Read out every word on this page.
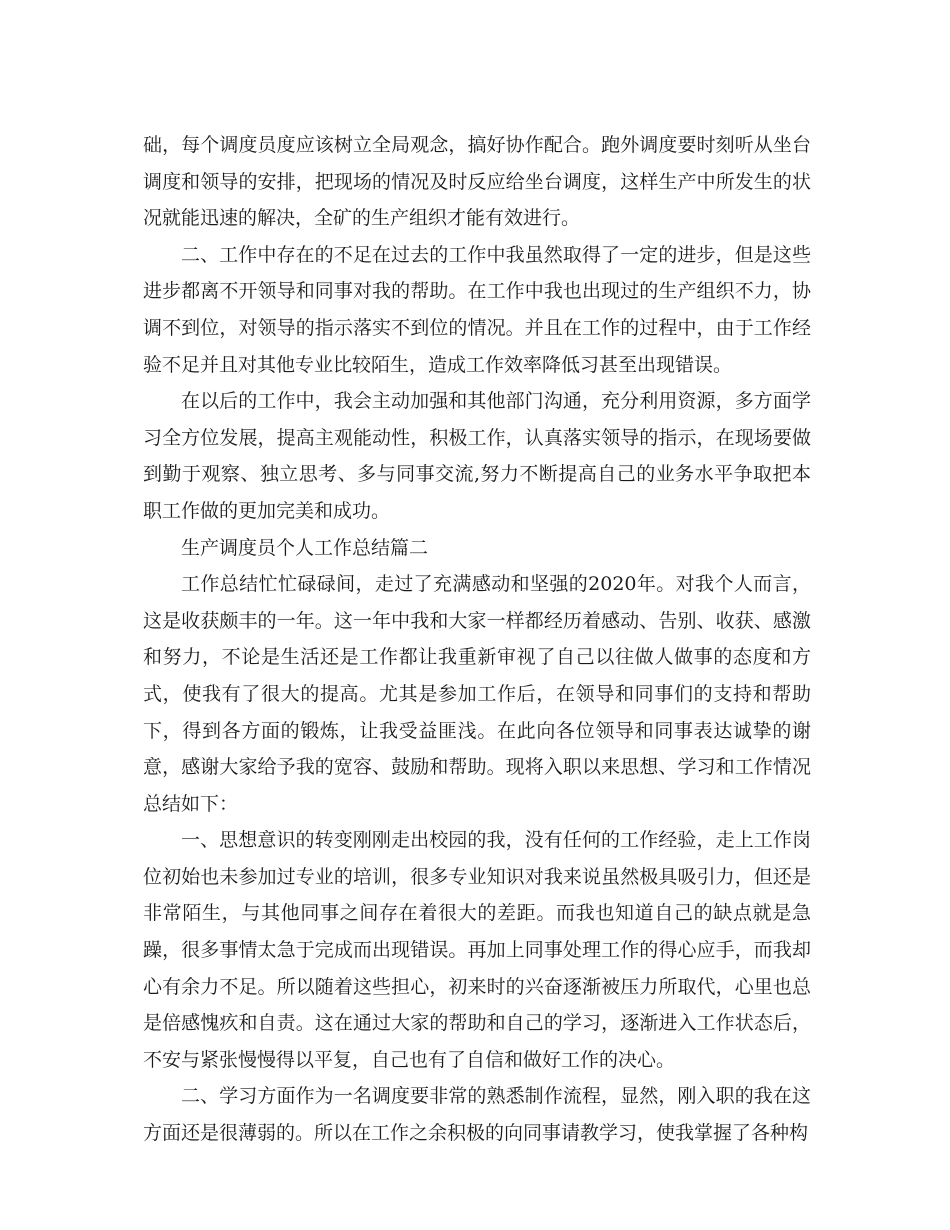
础，每个调度员度应该树立全局观念，搞好协作配合。跑外调度要时刻听从坐台调度和领导的安排，把现场的情况及时反应给坐台调度，这样生产中所发生的状况就能迅速的解决，全矿的生产组织才能有效进行。

二、工作中存在的不足在过去的工作中我虽然取得了一定的进步，但是这些进步都离不开领导和同事对我的帮助。在工作中我也出现过的生产组织不力，协调不到位，对领导的指示落实不到位的情况。并且在工作的过程中，由于工作经验不足并且对其他专业比较陌生，造成工作效率降低习甚至出现错误。

在以后的工作中，我会主动加强和其他部门沟通，充分利用资源，多方面学习全方位发展，提高主观能动性，积极工作，认真落实领导的指示，在现场要做到勤于观察、独立思考、多与同事交流,努力不断提高自己的业务水平争取把本职工作做的更加完美和成功。

生产调度员个人工作总结篇二

工作总结忙忙碌碌间，走过了充满感动和坚强的2020年。对我个人而言，这是收获颇丰的一年。这一年中我和大家一样都经历着感动、告别、收获、感激和努力，不论是生活还是工作都让我重新审视了自己以往做人做事的态度和方式，使我有了很大的提高。尤其是参加工作后，在领导和同事们的支持和帮助下，得到各方面的锻炼，让我受益匪浅。在此向各位领导和同事表达诚挚的谢意，感谢大家给予我的宽容、鼓励和帮助。现将入职以来思想、学习和工作情况总结如下：

一、思想意识的转变刚刚走出校园的我，没有任何的工作经验，走上工作岗位初始也未参加过专业的培训，很多专业知识对我来说虽然极具吸引力，但还是非常陌生，与其他同事之间存在着很大的差距。而我也知道自己的缺点就是急躁，很多事情太急于完成而出现错误。再加上同事处理工作的得心应手，而我却心有余力不足。所以随着这些担心，初来时的兴奋逐渐被压力所取代，心里也总是倍感愧疚和自责。这在通过大家的帮助和自己的学习，逐渐进入工作状态后，不安与紧张慢慢得以平复，自己也有了自信和做好工作的决心。

二、学习方面作为一名调度要非常的熟悉制作流程，显然，刚入职的我在这方面还是很薄弱的。所以在工作之余积极的向同事请教学习，使我掌握了各种构
